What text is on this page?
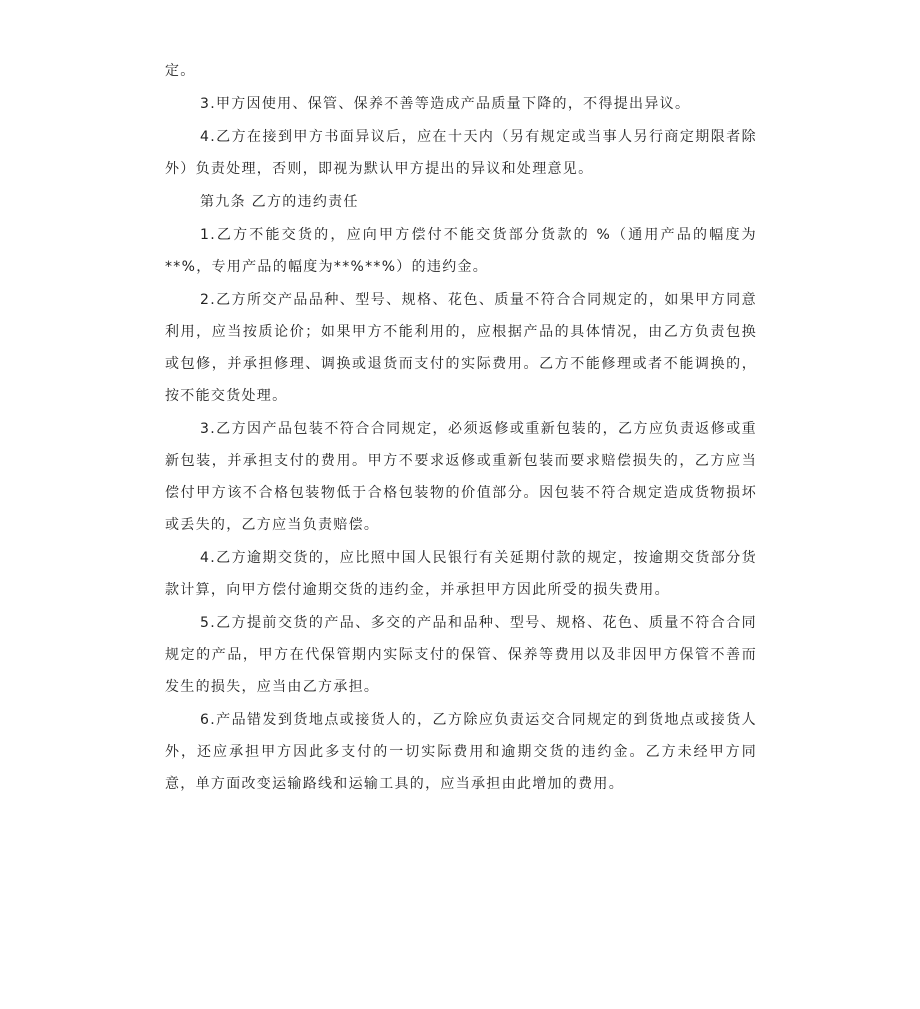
定。

3.甲方因使用、保管、保养不善等造成产品质量下降的，不得提出异议。

4.乙方在接到甲方书面异议后，应在十天内（另有规定或当事人另行商定期限者除外）负责处理，否则，即视为默认甲方提出的异议和处理意见。

第九条 乙方的违约责任

1.乙方不能交货的，应向甲方偿付不能交货部分货款的 %（通用产品的幅度为**%，专用产品的幅度为**%**%）的违约金。

2.乙方所交产品品种、型号、规格、花色、质量不符合合同规定的，如果甲方同意利用，应当按质论价；如果甲方不能利用的，应根据产品的具体情况，由乙方负责包换或包修，并承担修理、调换或退货而支付的实际费用。乙方不能修理或者不能调换的，按不能交货处理。

3.乙方因产品包装不符合合同规定，必须返修或重新包装的，乙方应负责返修或重新包装，并承担支付的费用。甲方不要求返修或重新包装而要求赔偿损失的，乙方应当偿付甲方该不合格包装物低于合格包装物的价值部分。因包装不符合规定造成货物损坏或丢失的，乙方应当负责赔偿。

4.乙方逾期交货的，应比照中国人民银行有关延期付款的规定，按逾期交货部分货款计算，向甲方偿付逾期交货的违约金，并承担甲方因此所受的损失费用。

5.乙方提前交货的产品、多交的产品和品种、型号、规格、花色、质量不符合合同规定的产品，甲方在代保管期内实际支付的保管、保养等费用以及非因甲方保管不善而发生的损失，应当由乙方承担。

6.产品错发到货地点或接货人的，乙方除应负责运交合同规定的到货地点或接货人外，还应承担甲方因此多支付的一切实际费用和逾期交货的违约金。乙方未经甲方同意，单方面改变运输路线和运输工具的，应当承担由此增加的费用。
